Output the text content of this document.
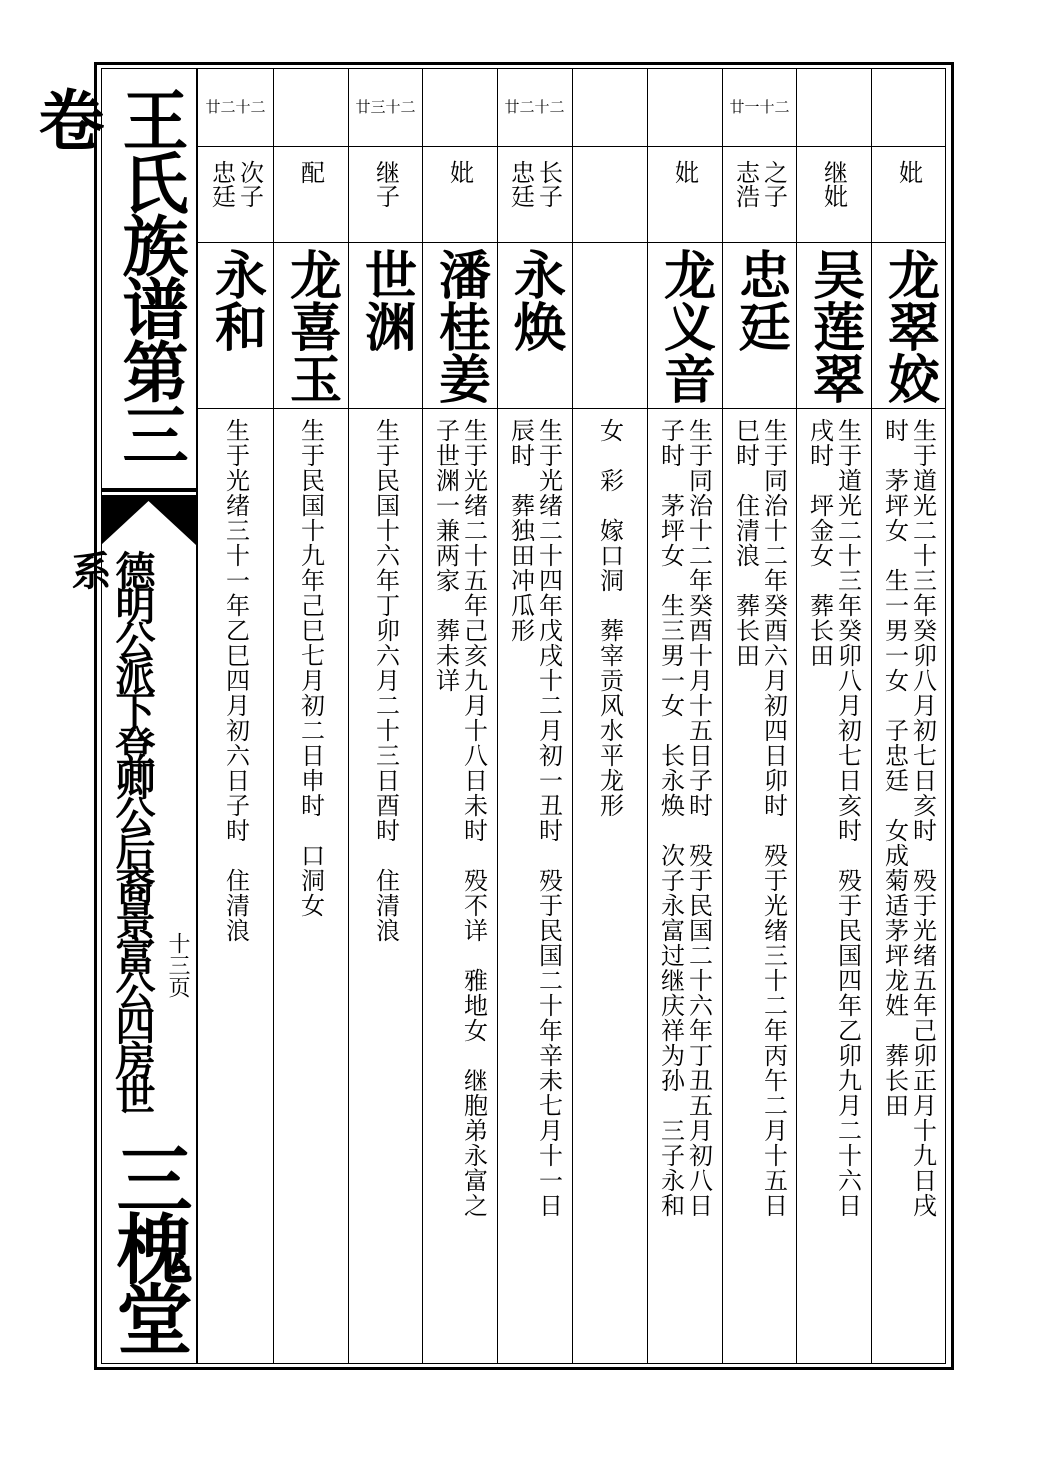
王氏族谱第三卷
德明公派下登卿公后裔景富公四房世系
十三页
三槐堂
廿二十二
次子
忠廷
永和
生于光绪三十一年乙巳四月初六日子时　住清浪
配
龙喜玉
生于民国十九年己巳七月初二日申时　口洞女
廿三十二
继子
世渊
生于民国十六年丁卯六月二十三日酉时　住清浪
妣
潘桂姜
生于光绪二十五年己亥九月十八日未时　殁不详　雅地女　继胞弟永富之
子世渊一兼两家　葬未详
廿二十二
长子
忠廷
永焕
生于光绪二十四年戊戌十二月初一丑时　殁于民国二十年辛未七月十一日
辰时　葬独田冲瓜形	女　彩　嫁口洞　葬宰贡风水平龙形
妣
龙义音
生于同治十二年癸酉十月十五日子时　殁于民国二十六年丁丑五月初八日
子时　茅坪女　生三男一女　长永焕　次子永富过继庆祥为孙　三子永和
廿一十二
之子
志浩
忠廷
生于同治十二年癸酉六月初四日卯时　殁于光绪三十二年丙午二月十五日
巳时　住清浪　葬长田
继妣
吴莲翠
生于道光二十三年癸卯八月初七日亥时　殁于民国四年乙卯九月二十六日
戌时　坪金女　葬长田
妣
龙翠姣
生于道光二十三年癸卯八月初七日亥时　殁于光绪五年己卯正月十九日戌
时　茅坪女　生一男一女　子忠廷　女成菊适茅坪龙姓　葬长田
